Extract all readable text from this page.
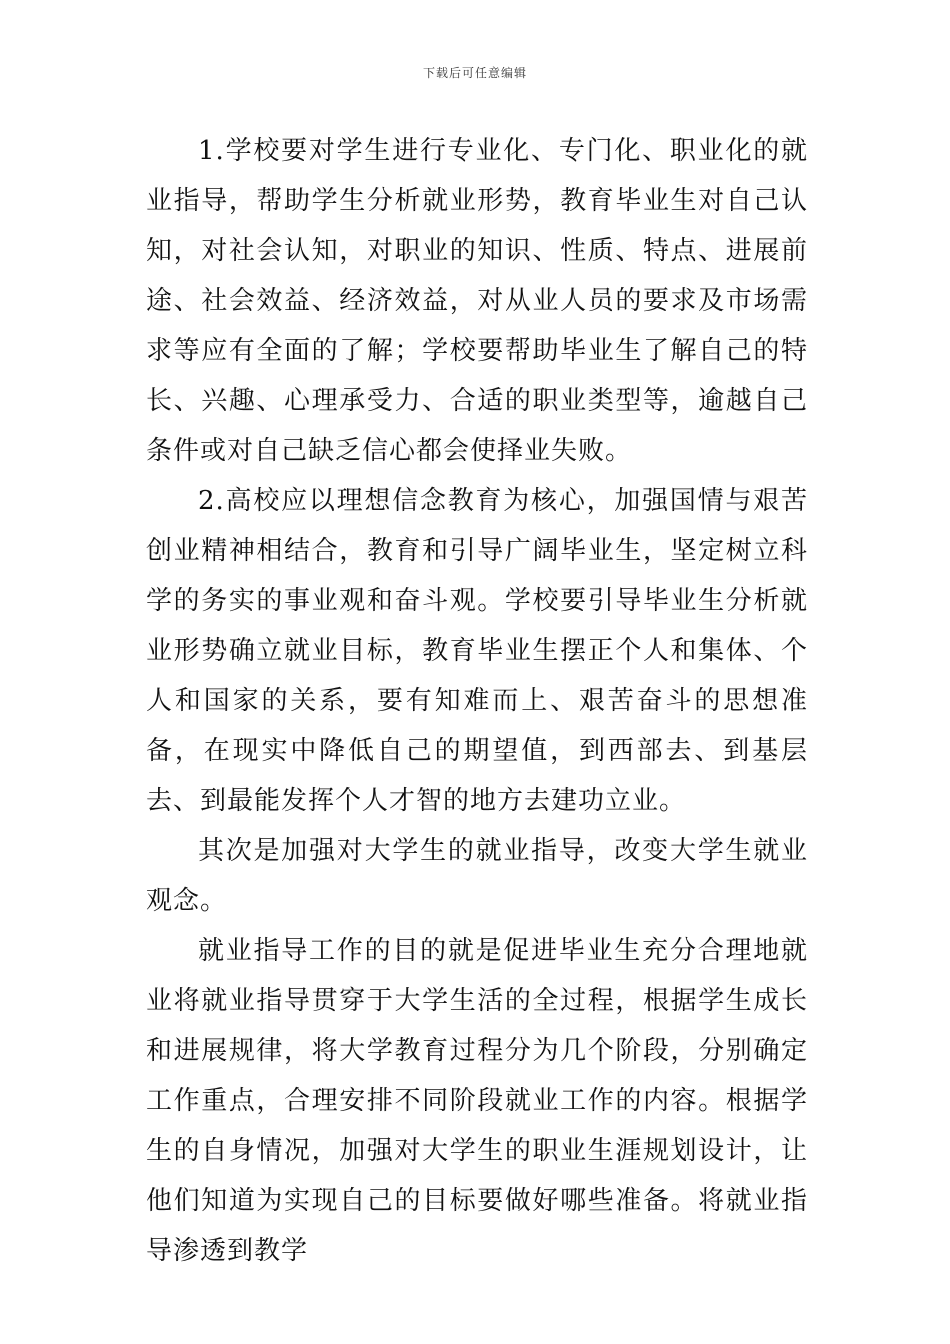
下载后可任意编辑

1.学校要对学生进行专业化、专门化、职业化的就业指导，帮助学生分析就业形势，教育毕业生对自己认知，对社会认知，对职业的知识、性质、特点、进展前途、社会效益、经济效益，对从业人员的要求及市场需求等应有全面的了解；学校要帮助毕业生了解自己的特长、兴趣、心理承受力、合适的职业类型等，逾越自己条件或对自己缺乏信心都会使择业失败。

2.高校应以理想信念教育为核心，加强国情与艰苦创业精神相结合，教育和引导广阔毕业生，坚定树立科学的务实的事业观和奋斗观。学校要引导毕业生分析就业形势确立就业目标，教育毕业生摆正个人和集体、个人和国家的关系，要有知难而上、艰苦奋斗的思想准备，在现实中降低自己的期望值，到西部去、到基层去、到最能发挥个人才智的地方去建功立业。

其次是加强对大学生的就业指导，改变大学生就业观念。

就业指导工作的目的就是促进毕业生充分合理地就业将就业指导贯穿于大学生活的全过程，根据学生成长和进展规律，将大学教育过程分为几个阶段，分别确定工作重点，合理安排不同阶段就业工作的内容。根据学生的自身情况，加强对大学生的职业生涯规划设计，让他们知道为实现自己的目标要做好哪些准备。将就业指导渗透到教学
